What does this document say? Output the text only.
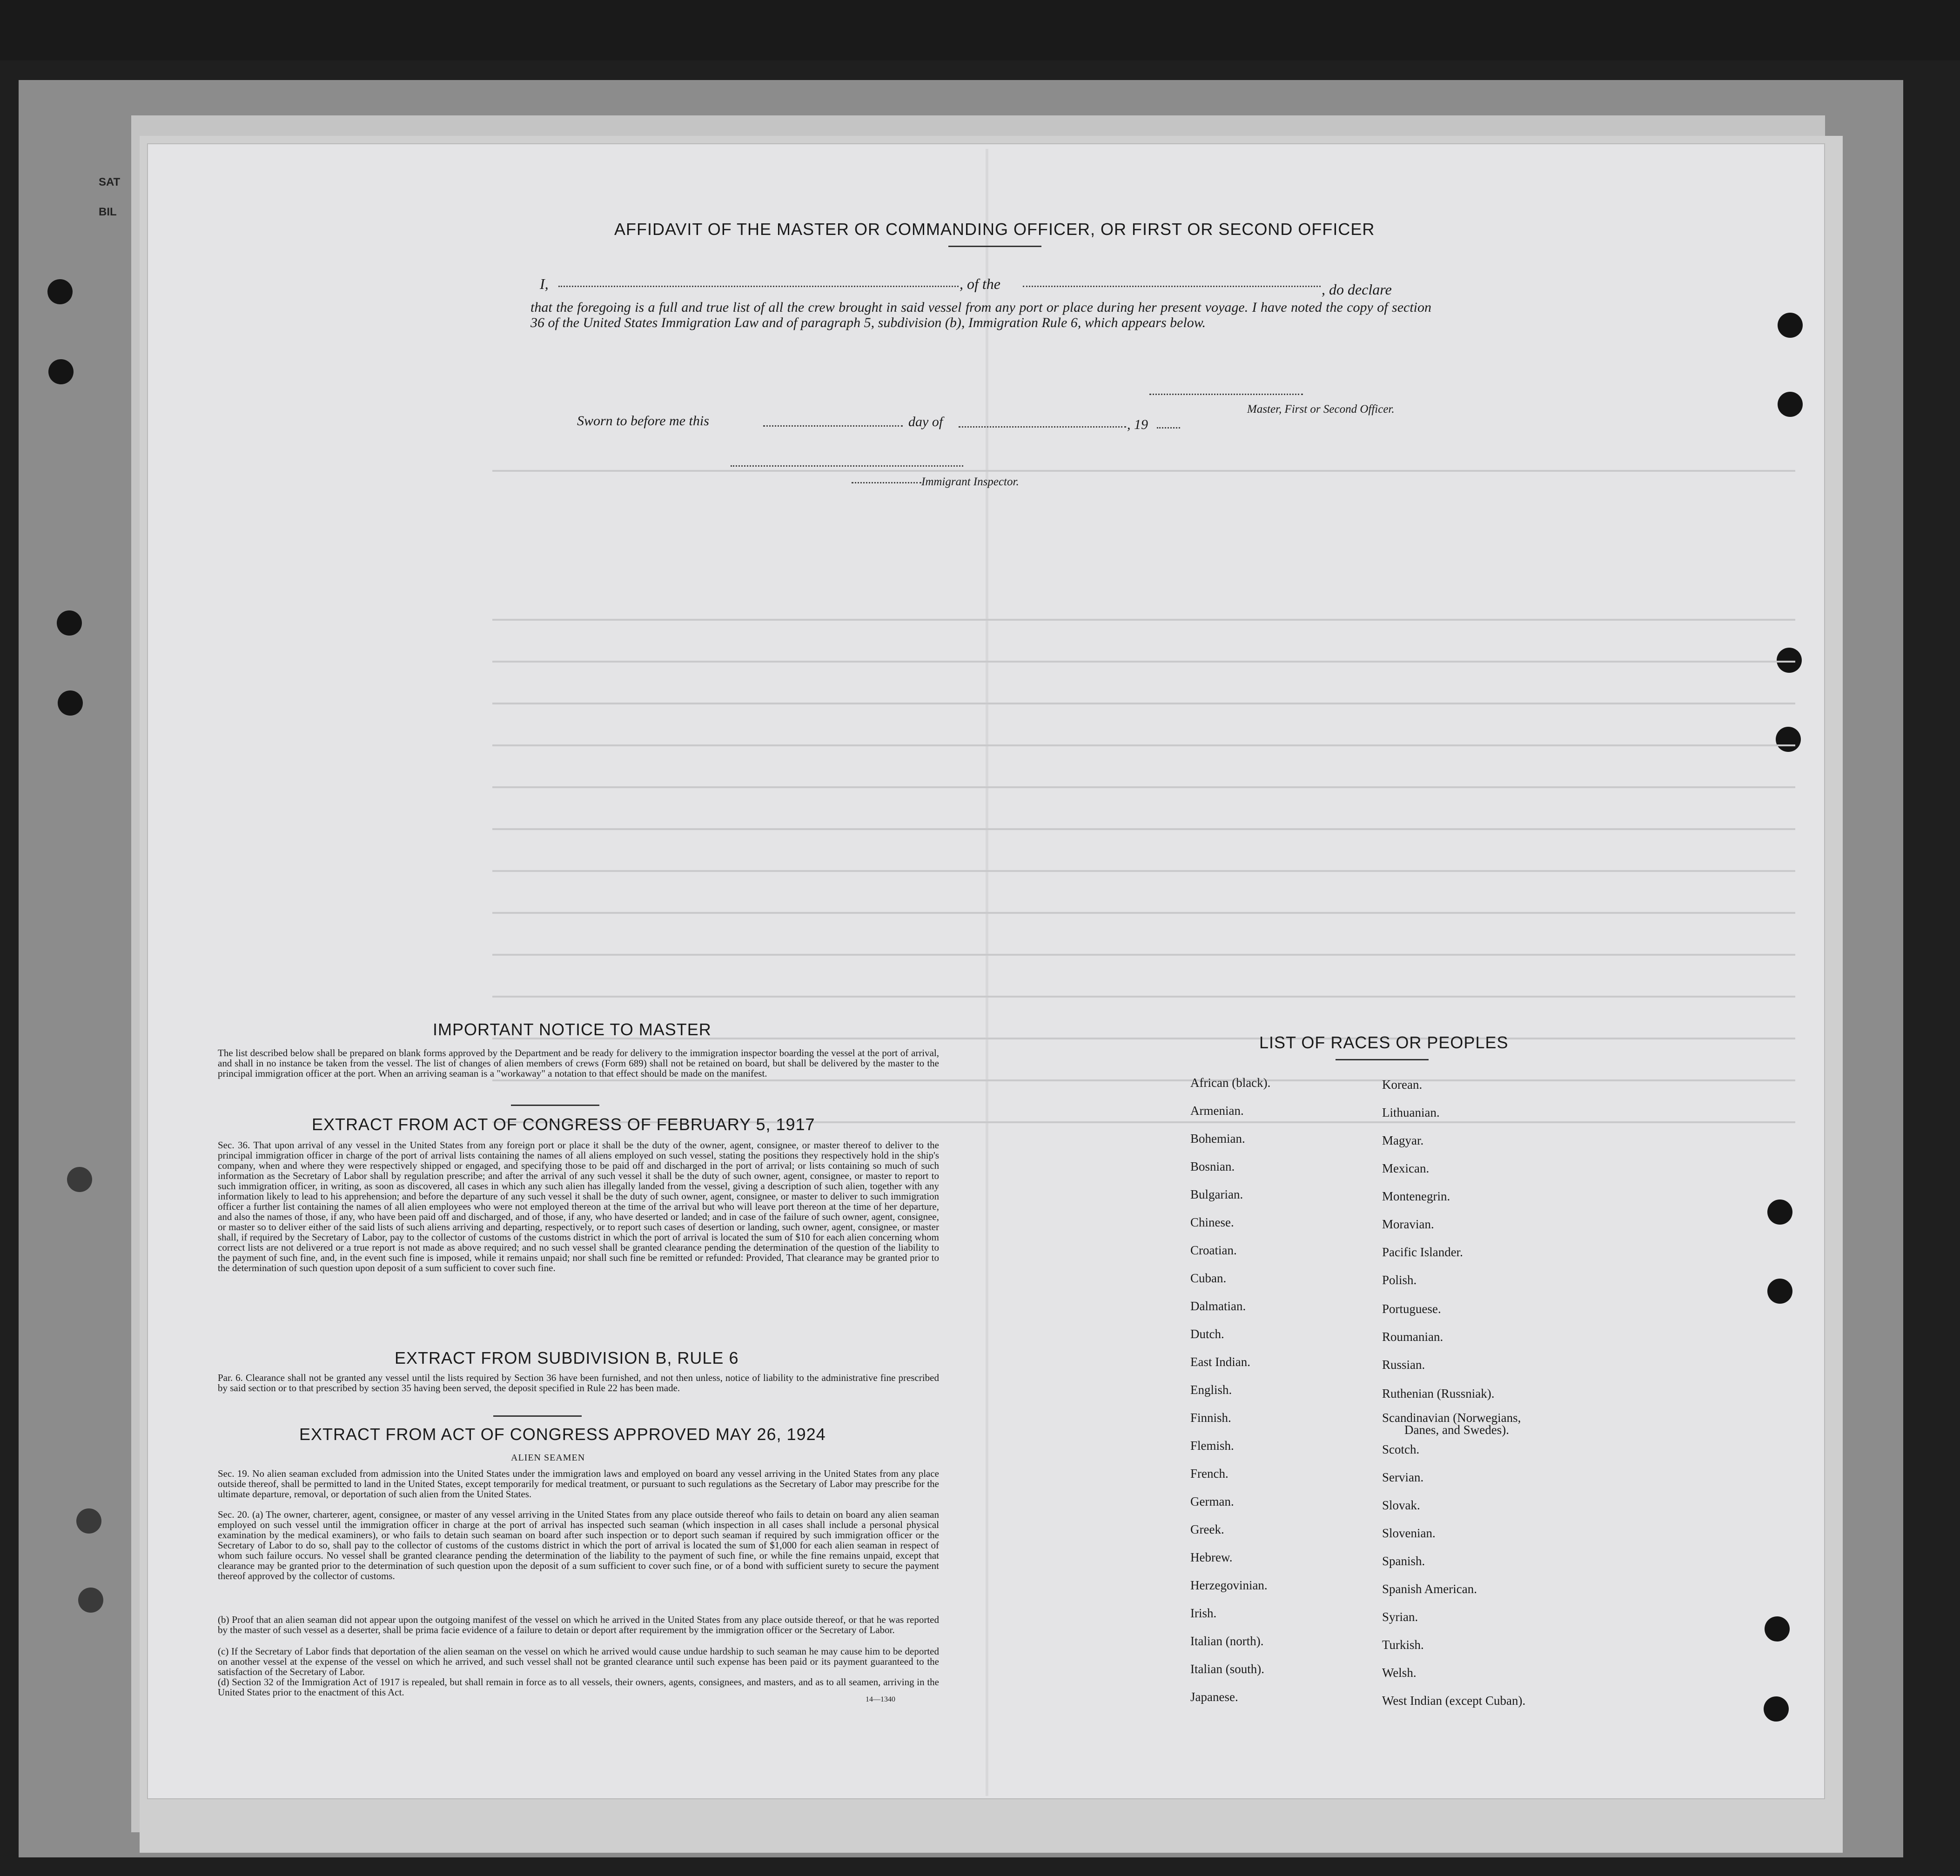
SAT
BIL
AFFIDAVIT OF THE MASTER OR COMMANDING OFFICER, OR FIRST OR SECOND OFFICER
I,	, of the	, do declare
that the foregoing is a full and true list of all the crew brought in said vessel from any port or place during her present voyage. I have noted the copy of section 36 of the United States Immigration Law and of paragraph 5, subdivision (b), Immigration Rule 6, which appears below.
Master, First or Second Officer.
Sworn to before me this	day of	, 19
Immigrant Inspector.
IMPORTANT NOTICE TO MASTER
The list described below shall be prepared on blank forms approved by the Department and be ready for delivery to the immigration inspector boarding the vessel at the port of arrival, and shall in no instance be taken from the vessel. The list of changes of alien members of crews (Form 689) shall not be retained on board, but shall be delivered by the master to the principal immigration officer at the port. When an arriving seaman is a "workaway" a notation to that effect should be made on the manifest.
EXTRACT FROM ACT OF CONGRESS OF FEBRUARY 5, 1917
Sec. 36. That upon arrival of any vessel in the United States from any foreign port or place it shall be the duty of the owner, agent, consignee, or master thereof to deliver to the principal immigration officer in charge of the port of arrival lists containing the names of all aliens employed on such vessel, stating the positions they respectively hold in the ship's company, when and where they were respectively shipped or engaged, and specifying those to be paid off and discharged in the port of arrival; or lists containing so much of such information as the Secretary of Labor shall by regulation prescribe; and after the arrival of any such vessel it shall be the duty of such owner, agent, consignee, or master to report to such immigration officer, in writing, as soon as discovered, all cases in which any such alien has illegally landed from the vessel, giving a description of such alien, together with any information likely to lead to his apprehension; and before the departure of any such vessel it shall be the duty of such owner, agent, consignee, or master to deliver to such immigration officer a further list containing the names of all alien employees who were not employed thereon at the time of the arrival but who will leave port thereon at the time of her departure, and also the names of those, if any, who have been paid off and discharged, and of those, if any, who have deserted or landed; and in case of the failure of such owner, agent, consignee, or master so to deliver either of the said lists of such aliens arriving and departing, respectively, or to report such cases of desertion or landing, such owner, agent, consignee, or master shall, if required by the Secretary of Labor, pay to the collector of customs of the customs district in which the port of arrival is located the sum of $10 for each alien concerning whom correct lists are not delivered or a true report is not made as above required; and no such vessel shall be granted clearance pending the determination of the question of the liability to the payment of such fine, and, in the event such fine is imposed, while it remains unpaid; nor shall such fine be remitted or refunded: Provided, That clearance may be granted prior to the determination of such question upon deposit of a sum sufficient to cover such fine.
EXTRACT FROM SUBDIVISION B, RULE 6
Par. 6. Clearance shall not be granted any vessel until the lists required by Section 36 have been furnished, and not then unless, notice of liability to the administrative fine prescribed by said section or to that prescribed by section 35 having been served, the deposit specified in Rule 22 has been made.
EXTRACT FROM ACT OF CONGRESS APPROVED MAY 26, 1924
ALIEN SEAMEN
Sec. 19. No alien seaman excluded from admission into the United States under the immigration laws and employed on board any vessel arriving in the United States from any place outside thereof, shall be permitted to land in the United States, except temporarily for medical treatment, or pursuant to such regulations as the Secretary of Labor may prescribe for the ultimate departure, removal, or deportation of such alien from the United States.
Sec. 20. (a) The owner, charterer, agent, consignee, or master of any vessel arriving in the United States from any place outside thereof who fails to detain on board any alien seaman employed on such vessel until the immigration officer in charge at the port of arrival has inspected such seaman (which inspection in all cases shall include a personal physical examination by the medical examiners), or who fails to detain such seaman on board after such inspection or to deport such seaman if required by such immigration officer or the Secretary of Labor to do so, shall pay to the collector of customs of the customs district in which the port of arrival is located the sum of $1,000 for each alien seaman in respect of whom such failure occurs. No vessel shall be granted clearance pending the determination of the liability to the payment of such fine, or while the fine remains unpaid, except that clearance may be granted prior to the determination of such question upon the deposit of a sum sufficient to cover such fine, or of a bond with sufficient surety to secure the payment thereof approved by the collector of customs.
(b) Proof that an alien seaman did not appear upon the outgoing manifest of the vessel on which he arrived in the United States from any place outside thereof, or that he was reported by the master of such vessel as a deserter, shall be prima facie evidence of a failure to detain or deport after requirement by the immigration officer or the Secretary of Labor.
(c) If the Secretary of Labor finds that deportation of the alien seaman on the vessel on which he arrived would cause undue hardship to such seaman he may cause him to be deported on another vessel at the expense of the vessel on which he arrived, and such vessel shall not be granted clearance until such expense has been paid or its payment guaranteed to the satisfaction of the Secretary of Labor.
(d) Section 32 of the Immigration Act of 1917 is repealed, but shall remain in force as to all vessels, their owners, agents, consignees, and masters, and as to all seamen, arriving in the United States prior to the enactment of this Act.
14—1340
LIST OF RACES OR PEOPLES
African (black).
Armenian.
Bohemian.
Bosnian.
Bulgarian.
Chinese.
Croatian.
Cuban.
Dalmatian.
Dutch.
East Indian.
English.
Finnish.
Flemish.
French.
German.
Greek.
Hebrew.
Herzegovinian.
Irish.
Italian (north).
Italian (south).
Japanese.
Korean.
Lithuanian.
Magyar.
Mexican.
Montenegrin.
Moravian.
Pacific Islander.
Polish.
Portuguese.
Roumanian.
Russian.
Ruthenian (Russniak).
Scandinavian (Norwegians,
Danes, and Swedes).
Scotch.
Servian.
Slovak.
Slovenian.
Spanish.
Spanish American.
Syrian.
Turkish.
Welsh.
West Indian (except Cuban).
